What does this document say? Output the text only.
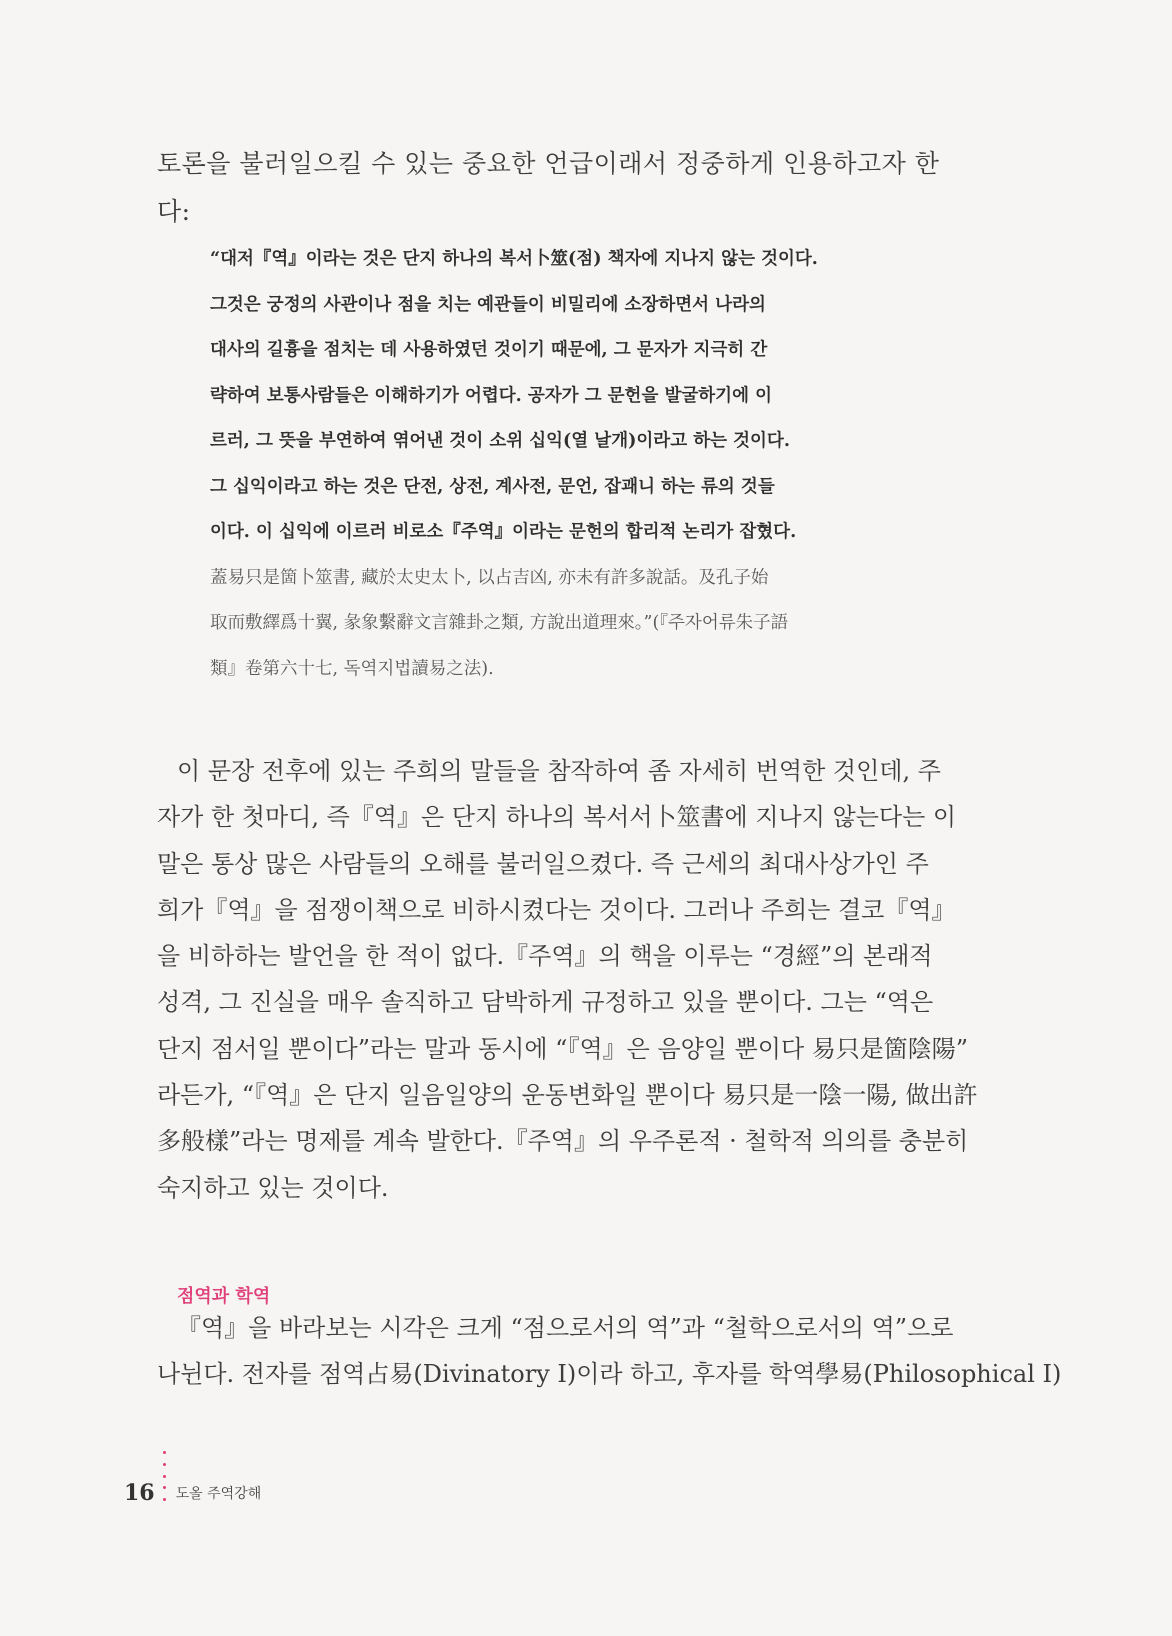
토론을 불러일으킬 수 있는 중요한 언급이래서 정중하게 인용하고자 한다:

“대저『역』이라는 것은 단지 하나의 복서卜筮(점) 책자에 지나지 않는 것이다.
그것은 궁정의 사관이나 점을 치는 예관들이 비밀리에 소장하면서 나라의
대사의 길흉을 점치는 데 사용하였던 것이기 때문에, 그 문자가 지극히 간
략하여 보통사람들은 이해하기가 어렵다. 공자가 그 문헌을 발굴하기에 이
르러, 그 뜻을 부연하여 엮어낸 것이 소위 십익(열 날개)이라고 하는 것이다.
그 십익이라고 하는 것은 단전, 상전, 계사전, 문언, 잡괘니 하는 류의 것들
이다. 이 십익에 이르러 비로소『주역』이라는 문헌의 합리적 논리가 잡혔다.
蓋易只是箇卜筮書, 藏於太史太卜, 以占吉凶, 亦未有許多說話。及孔子始
取而敷繹爲十翼, 彖象繫辭文言雜卦之類, 方說出道理來。”(『주자어류朱子語
類』卷第六十七, 독역지법讀易之法).
이 문장 전후에 있는 주희의 말들을 참작하여 좀 자세히 번역한 것인데, 주
자가 한 첫마디, 즉『역』은 단지 하나의 복서서卜筮書에 지나지 않는다는 이
말은 통상 많은 사람들의 오해를 불러일으켰다. 즉 근세의 최대사상가인 주
희가『역』을 점쟁이책으로 비하시켰다는 것이다. 그러나 주희는 결코『역』
을 비하하는 발언을 한 적이 없다.『주역』의 핵을 이루는 “경經”의 본래적
성격, 그 진실을 매우 솔직하고 담박하게 규정하고 있을 뿐이다. 그는 “역은
단지 점서일 뿐이다”라는 말과 동시에 “『역』은 음양일 뿐이다 易只是箇陰陽”
라든가, “『역』은 단지 일음일양의 운동변화일 뿐이다 易只是一陰一陽, 做出許
多般樣”라는 명제를 계속 발한다.『주역』의 우주론적 · 철학적 의의를 충분히
숙지하고 있는 것이다.
점역과 학역
『역』을 바라보는 시각은 크게 “점으로서의 역”과 “철학으로서의 역”으로
나뉜다. 전자를 점역占易(Divinatory I)이라 하고, 후자를 학역學易(Philosophical I)
16 도올 주역강해
